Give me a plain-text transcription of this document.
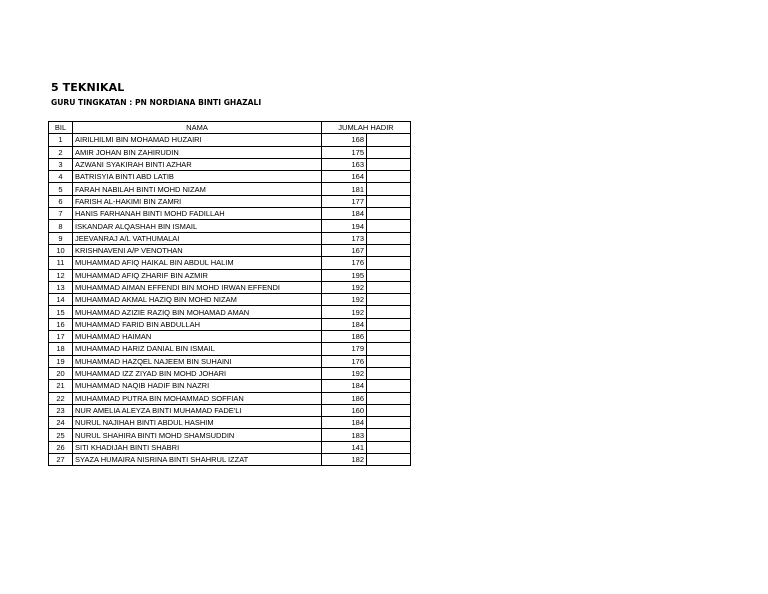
5 TEKNIKAL
GURU TINGKATAN : PN NORDIANA BINTI GHAZALI
BIL	NAMA	JUMLAH HADIR	
1	AIRILHILMI BIN MOHAMAD HUZAIRI	168	
2	AMIR JOHAN BIN ZAHIRUDIN	175	
3	AZWANI SYAKIRAH BINTI AZHAR	163	
4	BATRISYIA BINTI ABD LATIB	164	
5	FARAH NABILAH BINTI MOHD NIZAM	181	
6	FARISH AL-HAKIMI BIN ZAMRI	177	
7	HANIS FARHANAH BINTI MOHD FADILLAH	184	
8	ISKANDAR ALQASHAH BIN ISMAIL	194	
9	JEEVANRAJ A/L VATHUMALAI	173	
10	KRISHNAVENI A/P VENOTHAN	167	
11	MUHAMMAD AFIQ HAIKAL BIN ABDUL HALIM	176	
12	MUHAMMAD AFIQ ZHARIF BIN AZMIR	195	
13	MUHAMMAD AIMAN EFFENDI BIN MOHD IRWAN EFFENDI	192	
14	MUHAMMAD AKMAL HAZIQ BIN MOHD NIZAM	192	
15	MUHAMMAD AZIZIE RAZIQ BIN MOHAMAD AMAN	192	
16	MUHAMMAD FARID BIN ABDULLAH	184	
17	MUHAMMAD HAIMAN	186	
18	MUHAMMAD HARIZ DANIAL BIN ISMAIL	179	
19	MUHAMMAD HAZQEL NAJEEM BIN SUHAINI	176	
20	MUHAMMAD IZZ ZIYAD BIN MOHD JOHARI	192	
21	MUHAMMAD NAQIB HADIF BIN NAZRI	184	
22	MUHAMMAD PUTRA BIN MOHAMMAD SOFFIAN	186	
23	NUR AMELIA ALEYZA BINTI MUHAMAD FADE'LI	160	
24	NURUL NAJIHAH BINTI ABDUL HASHIM	184	
25	NURUL SHAHIRA BINTI MOHD SHAMSUDDIN	183	
26	SITI KHADIJAH BINTI SHABRI	141	
27	SYAZA HUMAIRA NISRINA BINTI SHAHRUL IZZAT	182	
